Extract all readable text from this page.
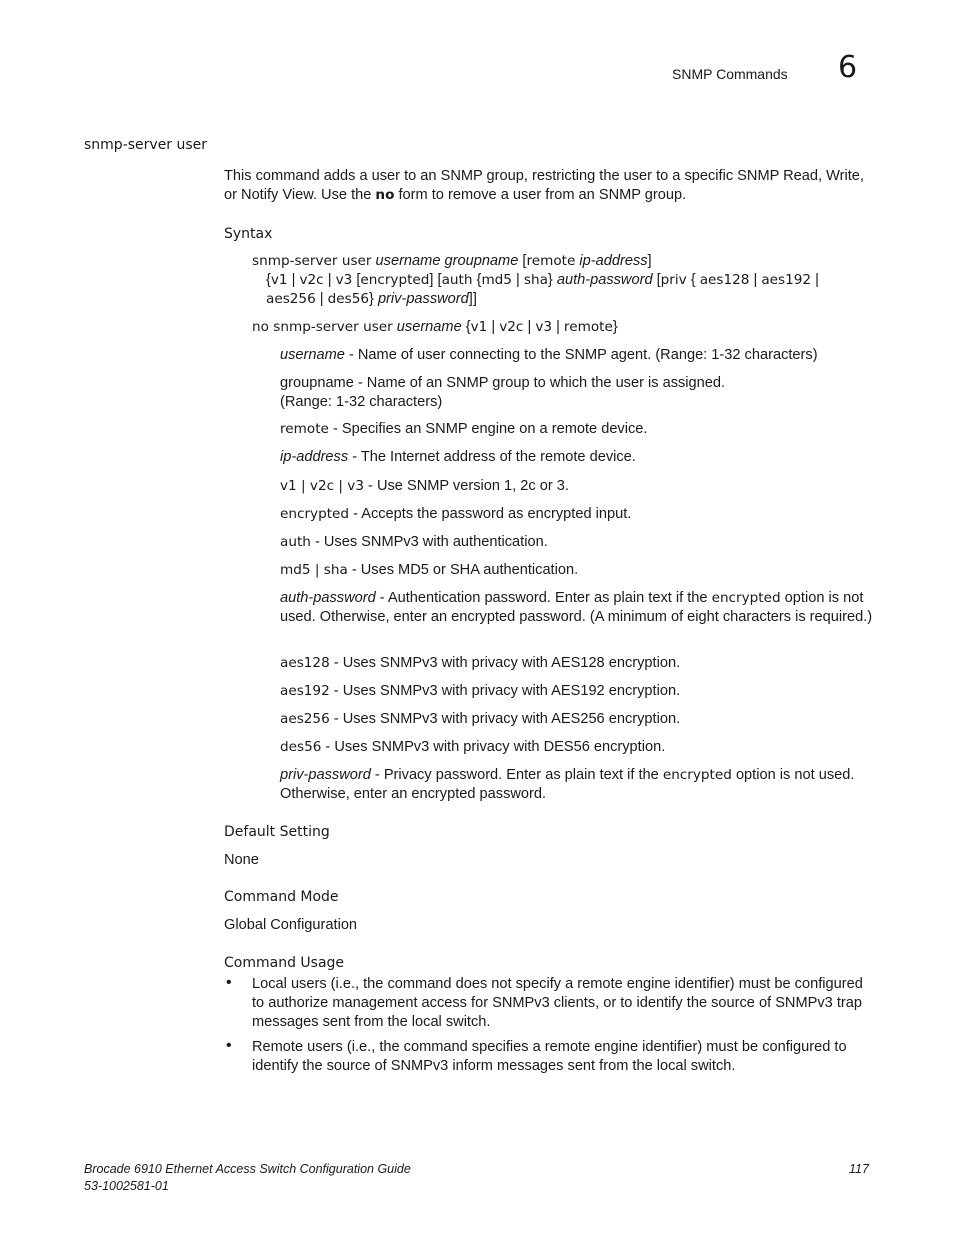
SNMP Commands 6
snmp-server user
This command adds a user to an SNMP group, restricting the user to a specific SNMP Read, Write, or Notify View. Use the no form to remove a user from an SNMP group.
Syntax
snmp-server user username groupname [remote ip-address]
{v1 | v2c | v3 [encrypted] [auth {md5 | sha} auth-password [priv { aes128 | aes192 |
aes256 | des56} priv-password]]
no snmp-server user username {v1 | v2c | v3 | remote}
username - Name of user connecting to the SNMP agent. (Range: 1-32 characters)
groupname - Name of an SNMP group to which the user is assigned.
(Range: 1-32 characters)
remote - Specifies an SNMP engine on a remote device.
ip-address - The Internet address of the remote device.
v1 | v2c | v3 - Use SNMP version 1, 2c or 3.
encrypted - Accepts the password as encrypted input.
auth - Uses SNMPv3 with authentication.
md5 | sha - Uses MD5 or SHA authentication.
auth-password - Authentication password. Enter as plain text if the encrypted option is not used. Otherwise, enter an encrypted password. (A minimum of eight characters is required.)
aes128 - Uses SNMPv3 with privacy with AES128 encryption.
aes192 - Uses SNMPv3 with privacy with AES192 encryption.
aes256 - Uses SNMPv3 with privacy with AES256 encryption.
des56 - Uses SNMPv3 with privacy with DES56 encryption.
priv-password - Privacy password. Enter as plain text if the encrypted option is not used. Otherwise, enter an encrypted password.
Default Setting
None
Command Mode
Global Configuration
Command Usage
• Local users (i.e., the command does not specify a remote engine identifier) must be configured to authorize management access for SNMPv3 clients, or to identify the source of SNMPv3 trap messages sent from the local switch.
• Remote users (i.e., the command specifies a remote engine identifier) must be configured to identify the source of SNMPv3 inform messages sent from the local switch.
Brocade 6910 Ethernet Access Switch Configuration Guide
53-1002581-01
117
